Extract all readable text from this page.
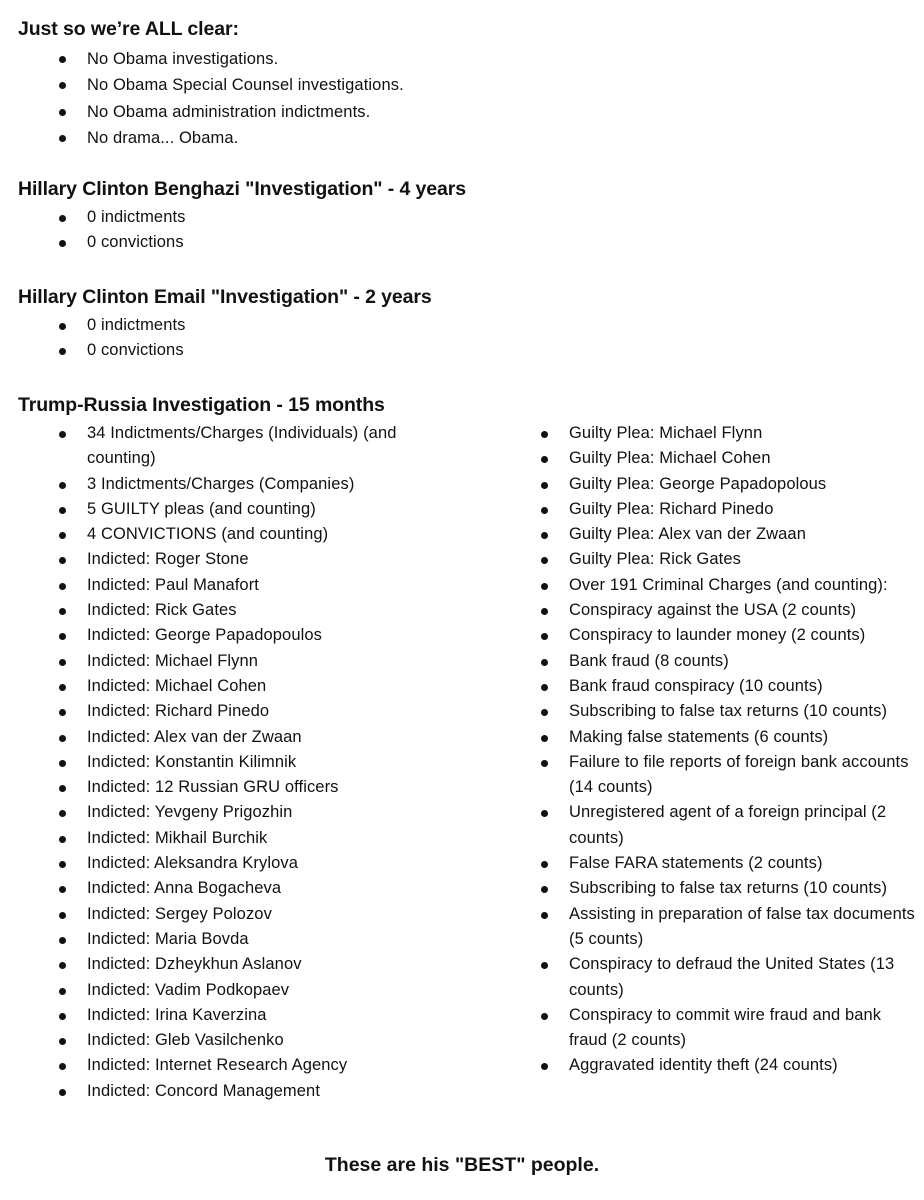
Just so we’re ALL clear:
No Obama investigations.
No Obama Special Counsel investigations.
No Obama administration indictments.
No drama... Obama.
Hillary Clinton Benghazi "Investigation" - 4 years
0 indictments
0 convictions
Hillary Clinton Email "Investigation" - 2 years
0 indictments
0 convictions
Trump-Russia Investigation - 15 months
34 Indictments/Charges (Individuals) (and counting)
3 Indictments/Charges (Companies)
5 GUILTY pleas (and counting)
4 CONVICTIONS (and counting)
Indicted: Roger Stone
Indicted: Paul Manafort
Indicted: Rick Gates
Indicted: George Papadopoulos
Indicted: Michael Flynn
Indicted: Michael Cohen
Indicted: Richard Pinedo
Indicted: Alex van der Zwaan
Indicted: Konstantin Kilimnik
Indicted: 12 Russian GRU officers
Indicted: Yevgeny Prigozhin
Indicted: Mikhail Burchik
Indicted: Aleksandra Krylova
Indicted: Anna Bogacheva
Indicted: Sergey Polozov
Indicted: Maria Bovda
Indicted: Dzheykhun Aslanov
Indicted: Vadim Podkopaev
Indicted: Irina Kaverzina
Indicted: Gleb Vasilchenko
Indicted: Internet Research Agency
Indicted: Concord Management
Guilty Plea: Michael Flynn
Guilty Plea: Michael Cohen
Guilty Plea: George Papadopolous
Guilty Plea: Richard Pinedo
Guilty Plea: Alex van der Zwaan
Guilty Plea: Rick Gates
Over 191 Criminal Charges (and counting):
Conspiracy against the USA (2 counts)
Conspiracy to launder money (2 counts)
Bank fraud (8 counts)
Bank fraud conspiracy (10 counts)
Subscribing to false tax returns (10 counts)
Making false statements (6 counts)
Failure to file reports of foreign bank accounts (14 counts)
Unregistered agent of a foreign principal (2 counts)
False FARA statements (2 counts)
Subscribing to false tax returns (10 counts)
Assisting in preparation of false tax documents (5 counts)
Conspiracy to defraud the United States (13 counts)
Conspiracy to commit wire fraud and bank fraud (2 counts)
Aggravated identity theft (24 counts)

These are his "BEST" people.
